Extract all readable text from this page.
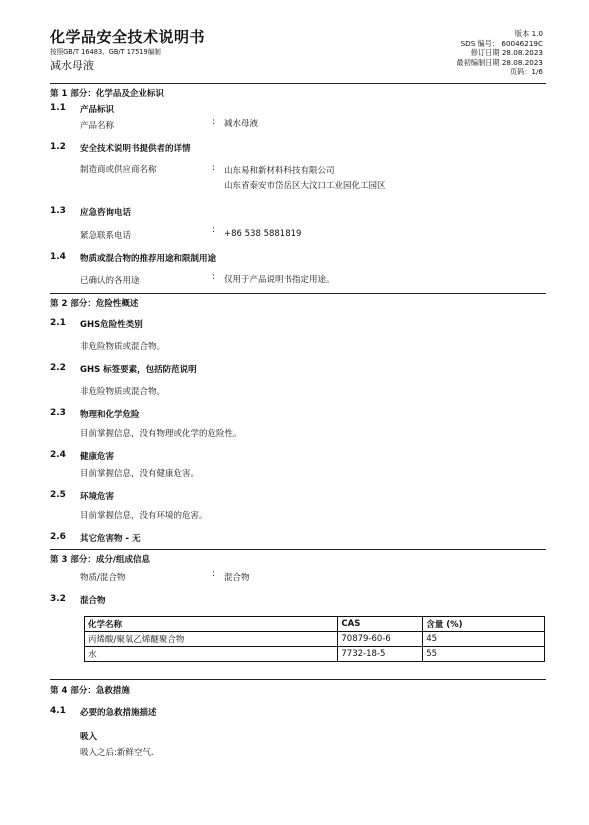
化学品安全技术说明书
按照GB/T 16483、GB/T 17519编制
减水母液
版本 1.0
SDS 编号： 60046219C
修订日期 28.08.2023
最初编制日期 28.08.2023
页码：1/6
第 1 部分：化学品及企业标识
1.1 产品标识
产品名称	: 减水母液
1.2 安全技术说明书提供者的详情
制造商或供应商名称	: 山东易和新材料科技有限公司
山东省泰安市岱岳区大汶口工业园化工园区
1.3 应急咨询电话
紧急联系电话
: +86 538 5881819
1.4 物质或混合物的推荐用途和限制用途
已确认的各用途	: 仅用于产品说明书指定用途。
第 2 部分：危险性概述
2.1 GHS危险性类别
非危险物质或混合物。
2.2 GHS 标签要素，包括防范说明
非危险物质或混合物。
2.3 物理和化学危险
目前掌握信息，没有物理或化学的危险性。
2.4 健康危害
目前掌握信息，没有健康危害。
2.5 环境危害
目前掌握信息，没有环境的危害。
2.6 其它危害物 - 无
第 3 部分：成分/组成信息
物质/混合物	: 混合物
3.2 混合物
化学名称	CAS	含量 (%)
丙烯酸/聚氧乙烯醚聚合物	70879-60-6	45
水	7732-18-5	55
第 4 部分：急救措施
4.1 必要的急救措施描述
吸入
吸入之后:新鲜空气.
